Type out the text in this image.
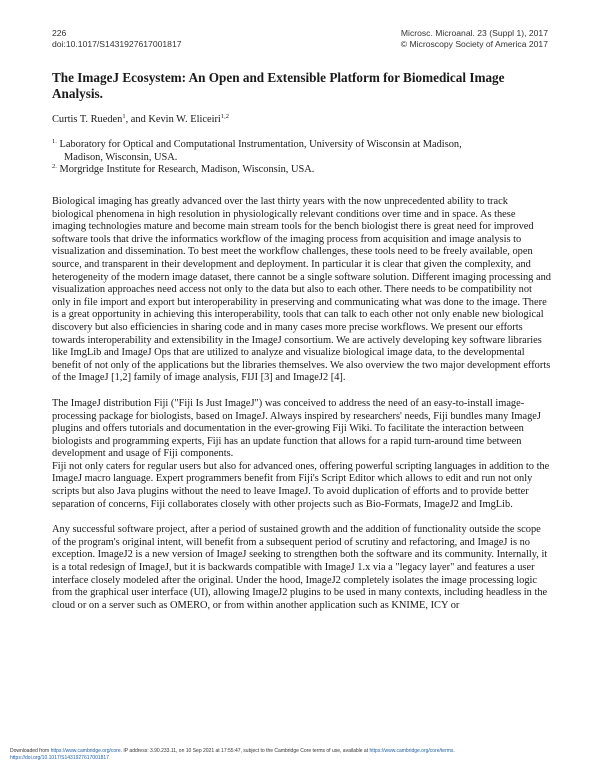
226
doi:10.1017/S1431927617001817
Microsc. Microanal. 23 (Suppl 1), 2017
© Microscopy Society of America 2017
The ImageJ Ecosystem: An Open and Extensible Platform for Biomedical Image Analysis.
Curtis T. Rueden$^1$, and Kevin W. Eliceiri$^{1,2}$
$^{1.}$ Laboratory for Optical and Computational Instrumentation, University of Wisconsin at Madison,
Madison, Wisconsin, USA.
$^{2.}$ Morgridge Institute for Research, Madison, Wisconsin, USA.

Biological imaging has greatly advanced over the last thirty years with the now unprecedented ability to track biological phenomena in high resolution in physiologically relevant conditions over time and in space. As these imaging technologies mature and become main stream tools for the bench biologist there is great need for improved software tools that drive the informatics workflow of the imaging process from acquisition and image analysis to visualization and dissemination. To best meet the workflow challenges, these tools need to be freely available, open source, and transparent in their development and deployment. In particular it is clear that given the complexity, and heterogeneity of the modern image dataset, there cannot be a single software solution. Different imaging processing and visualization approaches need access not only to the data but also to each other. There needs to be compatibility not only in file import and export but interoperability in preserving and communicating what was done to the image. There is a great opportunity in achieving this interoperability, tools that can talk to each other not only enable new biological discovery but also efficiencies in sharing code and in many cases more precise workflows. We present our efforts towards interoperability and extensibility in the ImageJ consortium. We are actively developing key software libraries like ImgLib and ImageJ Ops that are utilized to analyze and visualize biological image data, to the developmental benefit of not only of the applications but the libraries themselves. We also overview the two major development efforts of the ImageJ [1,2] family of image analysis, FIJI [3] and ImageJ2 [4].

The ImageJ distribution Fiji ("Fiji Is Just ImageJ") was conceived to address the need of an easy-to-install image-processing package for biologists, based on ImageJ. Always inspired by researchers' needs, Fiji bundles many ImageJ plugins and offers tutorials and documentation in the ever-growing Fiji Wiki. To facilitate the interaction between biologists and programming experts, Fiji has an update function that allows for a rapid turn-around time between development and usage of Fiji components.
Fiji not only caters for regular users but also for advanced ones, offering powerful scripting languages in addition to the ImageJ macro language. Expert programmers benefit from Fiji's Script Editor which allows to edit and run not only scripts but also Java plugins without the need to leave ImageJ. To avoid duplication of efforts and to provide better separation of concerns, Fiji collaborates closely with other projects such as Bio-Formats, ImageJ2 and ImgLib.

Any successful software project, after a period of sustained growth and the addition of functionality outside the scope of the program's original intent, will benefit from a subsequent period of scrutiny and refactoring, and ImageJ is no exception. ImageJ2 is a new version of ImageJ seeking to strengthen both the software and its community. Internally, it is a total redesign of ImageJ, but it is backwards compatible with ImageJ 1.x via a "legacy layer" and features a user interface closely modeled after the original. Under the hood, ImageJ2 completely isolates the image processing logic from the graphical user interface (UI), allowing ImageJ2 plugins to be used in many contexts, including headless in the cloud or on a server such as OMERO, or from within another application such as KNIME, ICY or

Downloaded from https://www.cambridge.org/core. IP address: 3.90.233.11, on 10 Sep 2021 at 17:55:47, subject to the Cambridge Core terms of use, available at https://www.cambridge.org/core/terms.
https://doi.org/10.1017/S1431927617001817
